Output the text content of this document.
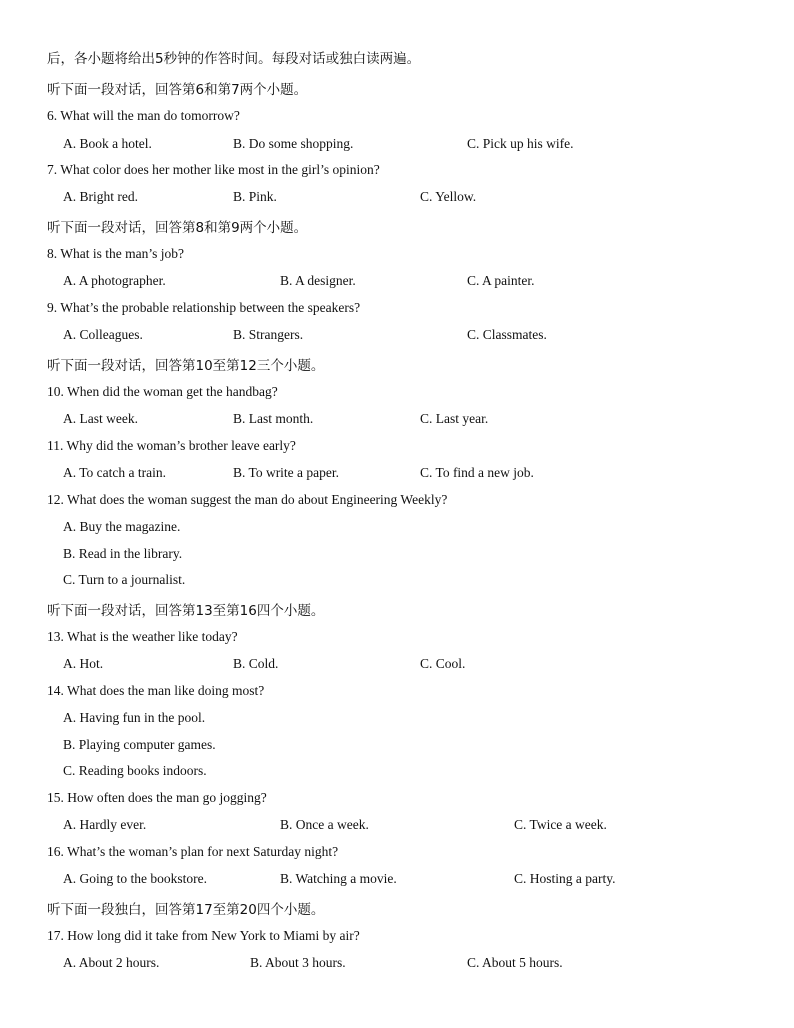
后，各小题将给出5秒钟的作答时间。每段对话或独白读两遍。
听下面一段对话，回答第6和第7两个小题。
6. What will the man do tomorrow?
A. Book a hotel.	B. Do some shopping.	C. Pick up his wife.
7. What color does her mother like most in the girl’s opinion?
A. Bright red.	B. Pink.	C. Yellow.
听下面一段对话，回答第8和第9两个小题。
8. What is the man’s job?
A. A photographer.	B. A designer.	C. A painter.
9. What’s the probable relationship between the speakers?
A. Colleagues.	B. Strangers.	C. Classmates.
听下面一段对话，回答第10至第12三个小题。
10. When did the woman get the handbag?
A. Last week.	B. Last month.	C. Last year.
11. Why did the woman’s brother leave early?
A. To catch a train.	B. To write a paper.	C. To find a new job.
12. What does the woman suggest the man do about Engineering Weekly?
A. Buy the magazine.
B. Read in the library.
C. Turn to a journalist.
听下面一段对话，回答第13至第16四个小题。
13. What is the weather like today?
A. Hot.	B. Cold.	C. Cool.
14. What does the man like doing most?
A. Having fun in the pool.
B. Playing computer games.
C. Reading books indoors.
15. How often does the man go jogging?
A. Hardly ever.	B. Once a week.	C. Twice a week.
16. What’s the woman’s plan for next Saturday night?
A. Going to the bookstore.	B. Watching a movie.	C. Hosting a party.
听下面一段独白，回答第17至第20四个小题。
17. How long did it take from New York to Miami by air?
A. About 2 hours.	B. About 3 hours.	C. About 5 hours.
